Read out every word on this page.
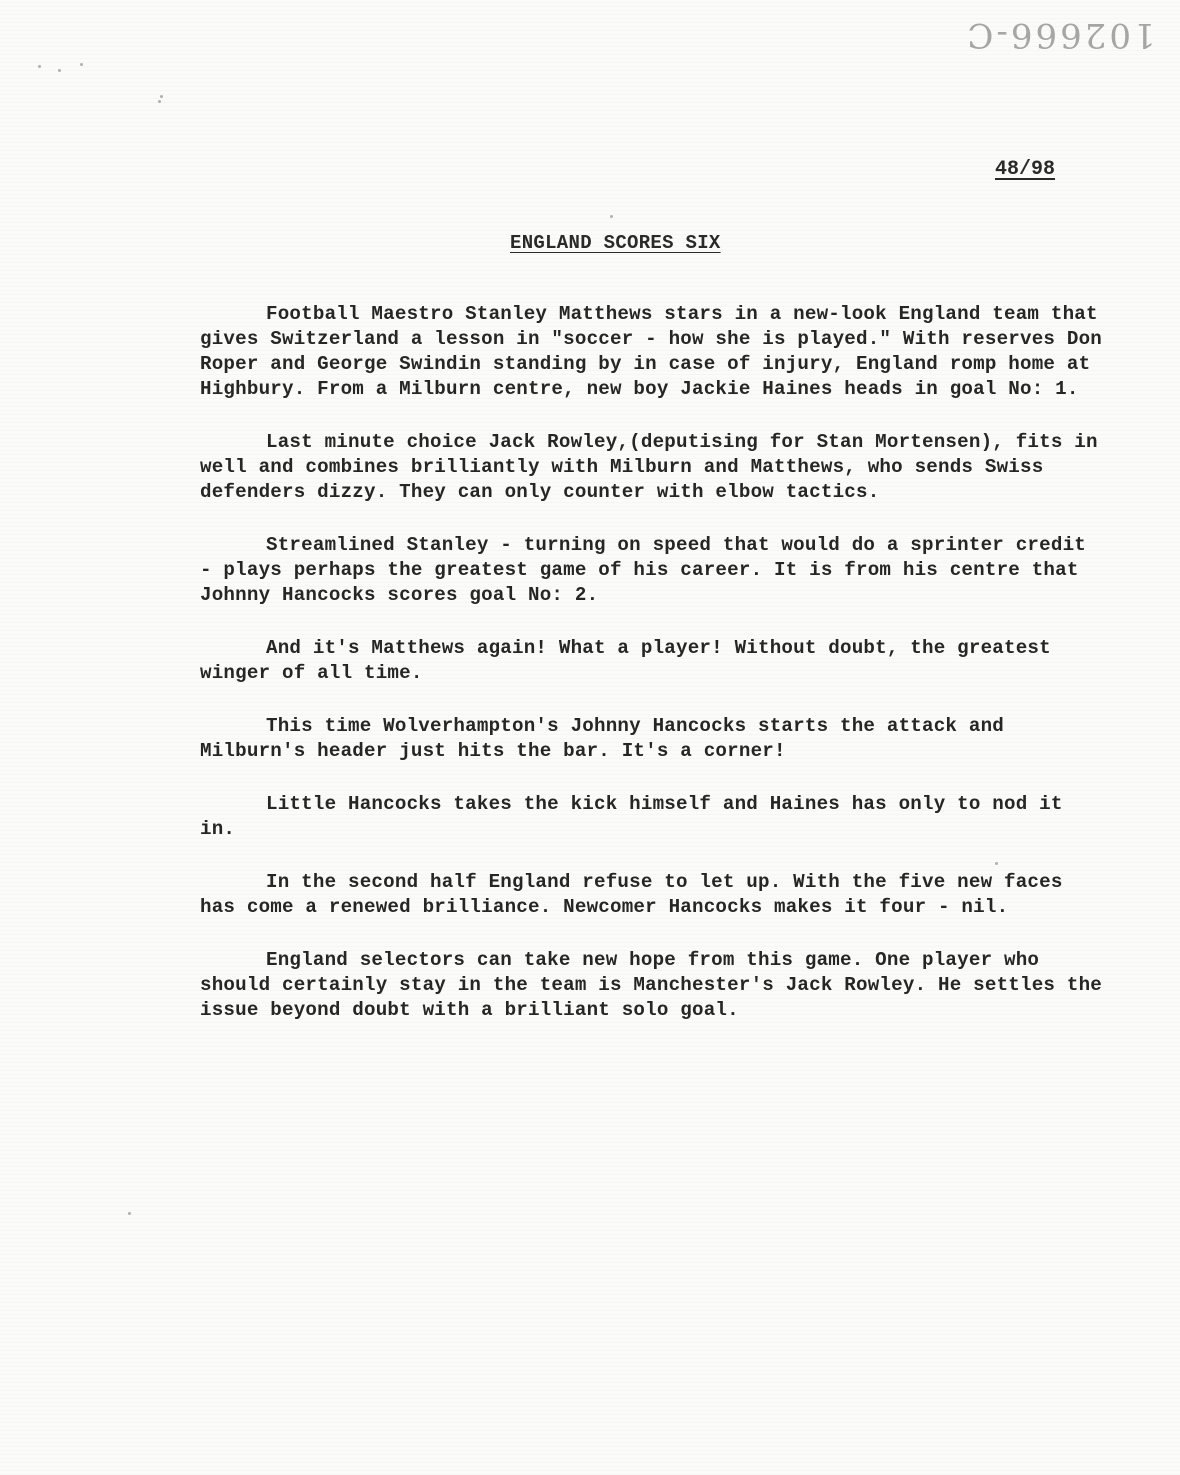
102666-C
48/98
ENGLAND SCORES SIX

Football Maestro Stanley Matthews stars in a new-look England team that gives Switzerland a lesson in "soccer - how she is played." With reserves Don Roper and George Swindin standing by in case of injury, England romp home at Highbury. From a Milburn centre, new boy Jackie Haines heads in goal No: 1.

Last minute choice Jack Rowley,(deputising for Stan Mortensen), fits in well and combines brilliantly with Milburn and Matthews, who sends Swiss defenders dizzy. They can only counter with elbow tactics.

Streamlined Stanley - turning on speed that would do a sprinter credit - plays perhaps the greatest game of his career. It is from his centre that Johnny Hancocks scores goal No: 2.

And it's Matthews again! What a player! Without doubt, the greatest winger of all time.

This time Wolverhampton's Johnny Hancocks starts the attack and Milburn's header just hits the bar. It's a corner!

Little Hancocks takes the kick himself and Haines has only to nod it in.

In the second half England refuse to let up. With the five new faces has come a renewed brilliance. Newcomer Hancocks makes it four - nil.

England selectors can take new hope from this game. One player who should certainly stay in the team is Manchester's Jack Rowley. He settles the issue beyond doubt with a brilliant solo goal.
